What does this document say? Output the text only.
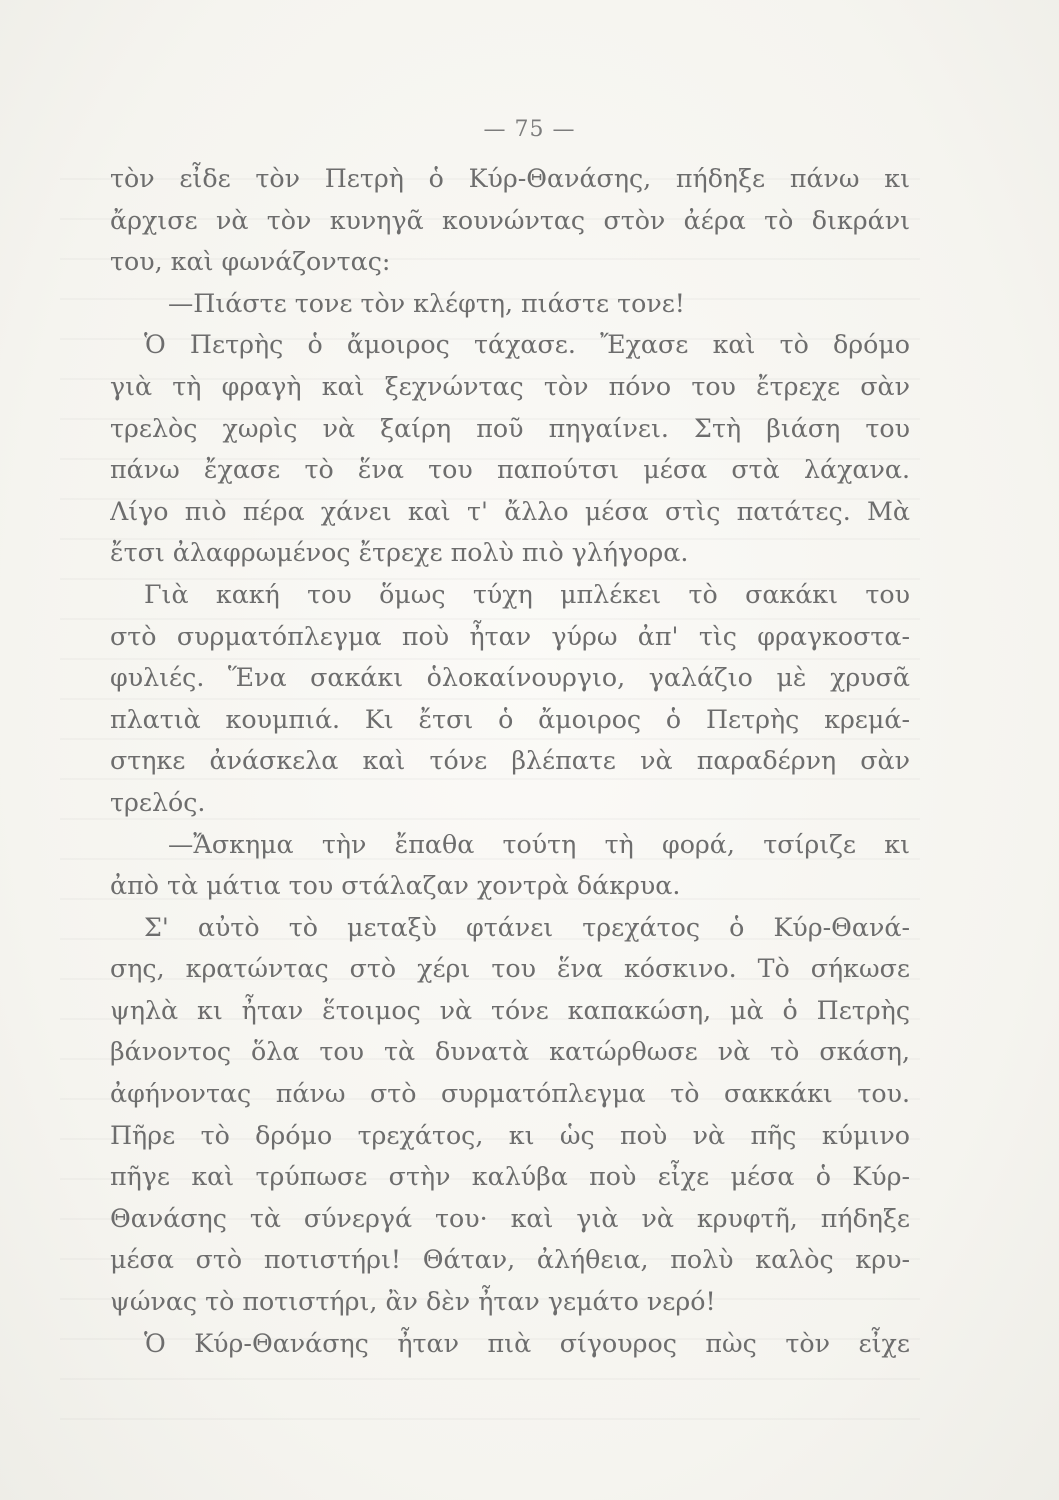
— 75 —
τὸν εἶδε τὸν Πετρὴ ὁ Κύρ-Θανάσης, πήδηξε πάνω κι
ἄρχισε νὰ τὸν κυνηγᾶ κουνώντας στὸν ἀέρα τὸ δικράνι
του, καὶ φωνάζοντας:
—Πιάστε τονε τὸν κλέφτη, πιάστε τονε!
Ὁ Πετρὴς ὁ ἄμοιρος τάχασε. Ἔχασε καὶ τὸ δρόμο
γιὰ τὴ φραγὴ καὶ ξεχνώντας τὸν πόνο του ἔτρεχε σὰν
τρελὸς χωρὶς νὰ ξαίρη ποῦ πηγαίνει. Στὴ βιάση του
πάνω ἔχασε τὸ ἕνα του παπούτσι μέσα στὰ λάχανα.
Λίγο πιὸ πέρα χάνει καὶ τ' ἄλλο μέσα στὶς πατάτες. Μὰ
ἔτσι ἀλαφρωμένος ἔτρεχε πολὺ πιὸ γλήγορα.
Γιὰ κακή του ὅμως τύχη μπλέκει τὸ σακάκι του
στὸ συρματόπλεγμα ποὺ ἦταν γύρω ἀπ' τὶς φραγκοστα-
φυλιές. Ἕνα σακάκι ὁλοκαίνουργιο, γαλάζιο μὲ χρυσᾶ
πλατιὰ κουμπιά. Κι ἔτσι ὁ ἄμοιρος ὁ Πετρὴς κρεμά-
στηκε ἀνάσκελα καὶ τόνε βλέπατε νὰ παραδέρνη σὰν
τρελός.
—Ἄσκημα τὴν ἔπαθα τούτη τὴ φορά, τσίριζε κι
ἀπὸ τὰ μάτια του στάλαζαν χοντρὰ δάκρυα.
Σ' αὐτὸ τὸ μεταξὺ φτάνει τρεχάτος ὁ Κύρ-Θανά-
σης, κρατώντας στὸ χέρι του ἕνα κόσκινο. Τὸ σήκωσε
ψηλὰ κι ἦταν ἕτοιμος νὰ τόνε καπακώση, μὰ ὁ Πετρὴς
βάνοντος ὅλα του τὰ δυνατὰ κατώρθωσε νὰ τὸ σκάση,
ἀφήνοντας πάνω στὸ συρματόπλεγμα τὸ σακκάκι του.
Πῆρε τὸ δρόμο τρεχάτος, κι ὡς ποὺ νὰ πῆς κύμινο
πῆγε καὶ τρύπωσε στὴν καλύβα ποὺ εἶχε μέσα ὁ Κύρ-
Θανάσης τὰ σύνεργά του· καὶ γιὰ νὰ κρυφτῆ, πήδηξε
μέσα στὸ ποτιστήρι! Θάταν, ἀλήθεια, πολὺ καλὸς κρυ-
ψώνας τὸ ποτιστήρι, ἂν δὲν ἦταν γεμάτο νερό!
Ὁ Κύρ-Θανάσης ἦταν πιὰ σίγουρος πὼς τὸν εἶχε
